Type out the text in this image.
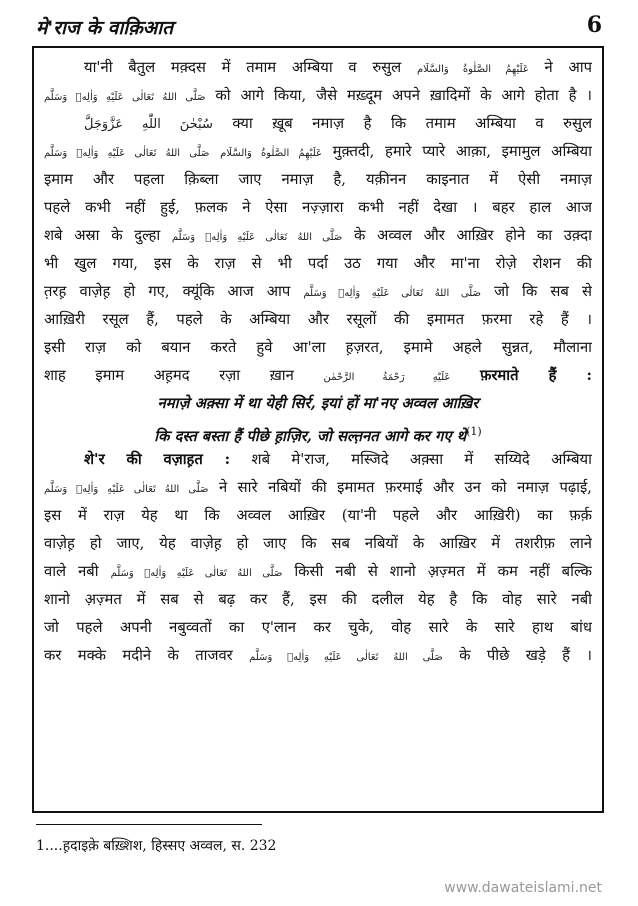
मे'राज के वाक़िआत	6
या'नी बैतुल मक़्दस में तमाम अम्बिया व रुसुल عَلَيْهِمُ الصَّلٰوةُ وَالسَّلَام ने आप
صَلَّى اللهُ تَعَالٰى عَلَيْهِ وَاٰلِهٖ وَسَلَّم को आगे किया, जैसे मख़्दूम अपने ख़ादिमों के आगे होता है ।
سُبْحٰنَ اللّٰهِ عَزَّوَجَلَّ क्या ख़ूब नमाज़ है कि तमाम अम्बिया व रुसुल
عَلَيْهِمُ الصَّلٰوةُ وَالسَّلَام صَلَّى اللهُ تَعَالٰى عَلَيْهِ وَاٰلِهٖ وَسَلَّم	मुक़्तदी, हमारे प्यारे आक़ा, इमामुल अम्बिया
इमाम और पहला क़िब्ला जाए नमाज़ है, यक़ीनन काइनात में ऐसी नमाज़
पहले कभी नहीं हुई, फ़लक ने ऐसा नज़्ज़ारा कभी नहीं देखा । बहर हाल आज
शबे अस्रा के दुल्हा صَلَّى اللهُ تَعَالٰى عَلَيْهِ وَاٰلِهٖ وَسَلَّم के अव्वल और आख़िर होने का उक़्दा
भी खुल गया, इस के राज़ से भी पर्दा उठ गया और मा'ना रोज़े रोशन की
त़रह़ वाज़ेह़ हो गए, क्यूंकि आज आप صَلَّى اللهُ تَعَالٰى عَلَيْهِ وَاٰلِهٖ وَسَلَّم जो कि सब से
आख़िरी रसूल हैं, पहले के अम्बिया और रसूलों की इमामत फ़रमा रहे हैं ।
इसी राज़ को बयान करते हुवे आ'ला ह़ज़रत, इमामे अहले सुन्नत, मौलाना
शाह इमाम अह़मद रज़ा ख़ान	عَلَيْهِ رَحْمَةُ الرَّحْمٰن फ़रमाते हैं :
नमाज़े अक़्सा में था येही सिर्र, इयां हों मा'नए अव्वल आख़िर
कि दस्त बस्ता हैं पीछे ह़ाज़िर, जो सल्त़नत आगे कर गए थे$^{(1)}$
शे'र की वज़ाह़त : शबे मे'राज, मस्जिदे अक़्सा में सय्यिदे अम्बिया
صَلَّى اللهُ تَعَالٰى عَلَيْهِ وَاٰلِهٖ وَسَلَّم ने सारे नबियों की इमामत फ़रमाई और उन को नमाज़ पढ़ाई,
इस में राज़ येह था कि अव्वल आख़िर (या'नी पहले और आख़िरी) का फ़र्क़
वाज़ेह़ हो जाए, येह वाज़ेह़ हो जाए कि सब नबियों के आख़िर में तशरीफ़ लाने
वाले नबी صَلَّى اللهُ تَعَالٰى عَلَيْهِ وَاٰلِهٖ وَسَلَّم किसी नबी से शानो अ़ज़्मत में कम नहीं बल्कि
शानो अ़ज़्मत में सब से बढ़ कर हैं, इस की दलील येह है कि वोह सारे नबी
जो पहले अपनी नबुव्वतों का ए'लान कर चुके, वोह सारे के सारे हाथ बांध
कर मक्के मदीने के ताजवर صَلَّى اللهُ تَعَالٰى عَلَيْهِ وَاٰلِهٖ وَسَلَّم के पीछे खड़े हैं ।
1....ह़दाइके़ बख़्शिश, हिस्सए अव्वल, स. 232
www.dawateislami.net
